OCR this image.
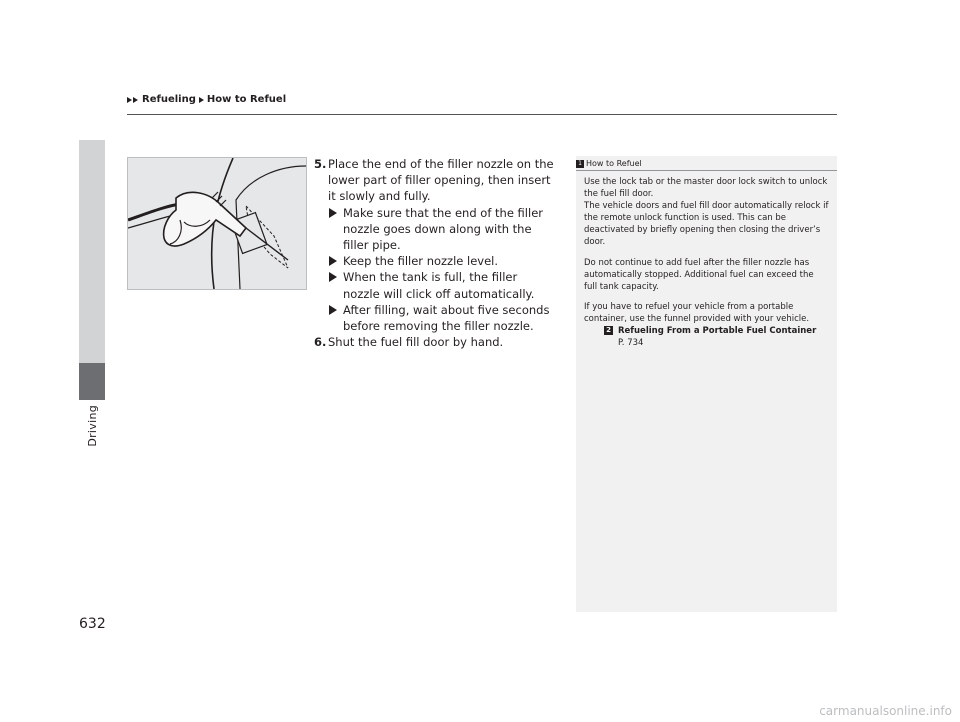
Refueling How to Refuel
Driving
632
5. Place the end of the filler nozzle on the lower part of filler opening, then insert it slowly and fully.
Make sure that the end of the filler nozzle goes down along with the filler pipe.
Keep the filler nozzle level.
When the tank is full, the filler nozzle will click off automatically.
After filling, wait about five seconds before removing the filler nozzle.
6. Shut the fuel fill door by hand.
1 How to Refuel

Use the lock tab or the master door lock switch to unlock the fuel fill door.

The vehicle doors and fuel fill door automatically relock if the remote unlock function is used. This can be deactivated by briefly opening then closing the driver’s door.

Do not continue to add fuel after the filler nozzle has automatically stopped. Additional fuel can exceed the full tank capacity.

If you have to refuel your vehicle from a portable container, use the funnel provided with your vehicle.

2 Refueling From a Portable Fuel Container
P. 734
carmanualsonline.info
